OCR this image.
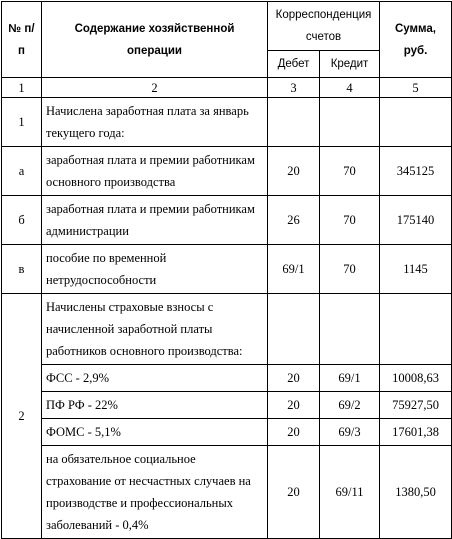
№ п/п	Содержание хозяйственной операции	Корреспонденция счетов		Сумма, руб.
		Дебет	Кредит	
1	2	3	4	5
1	Начислена заработная плата за январь текущего года:			
а	заработная плата и премии работникам основного производства	20	70	345125
б	заработная плата и премии работникам администрации	26	70	175140
в	пособие по временной нетрудоспособности	69/1	70	1145
2	Начислены страховые взносы с начисленной заработной платы работников основного производства:			
	ФСС - 2,9%	20	69/1	10008,63
	ПФ РФ - 22%	20	69/2	75927,50
	ФОМС - 5,1%	20	69/3	17601,38
	на обязательное социальное страхование от несчастных случаев на производстве и профессиональных заболеваний - 0,4%	20	69/11	1380,50
